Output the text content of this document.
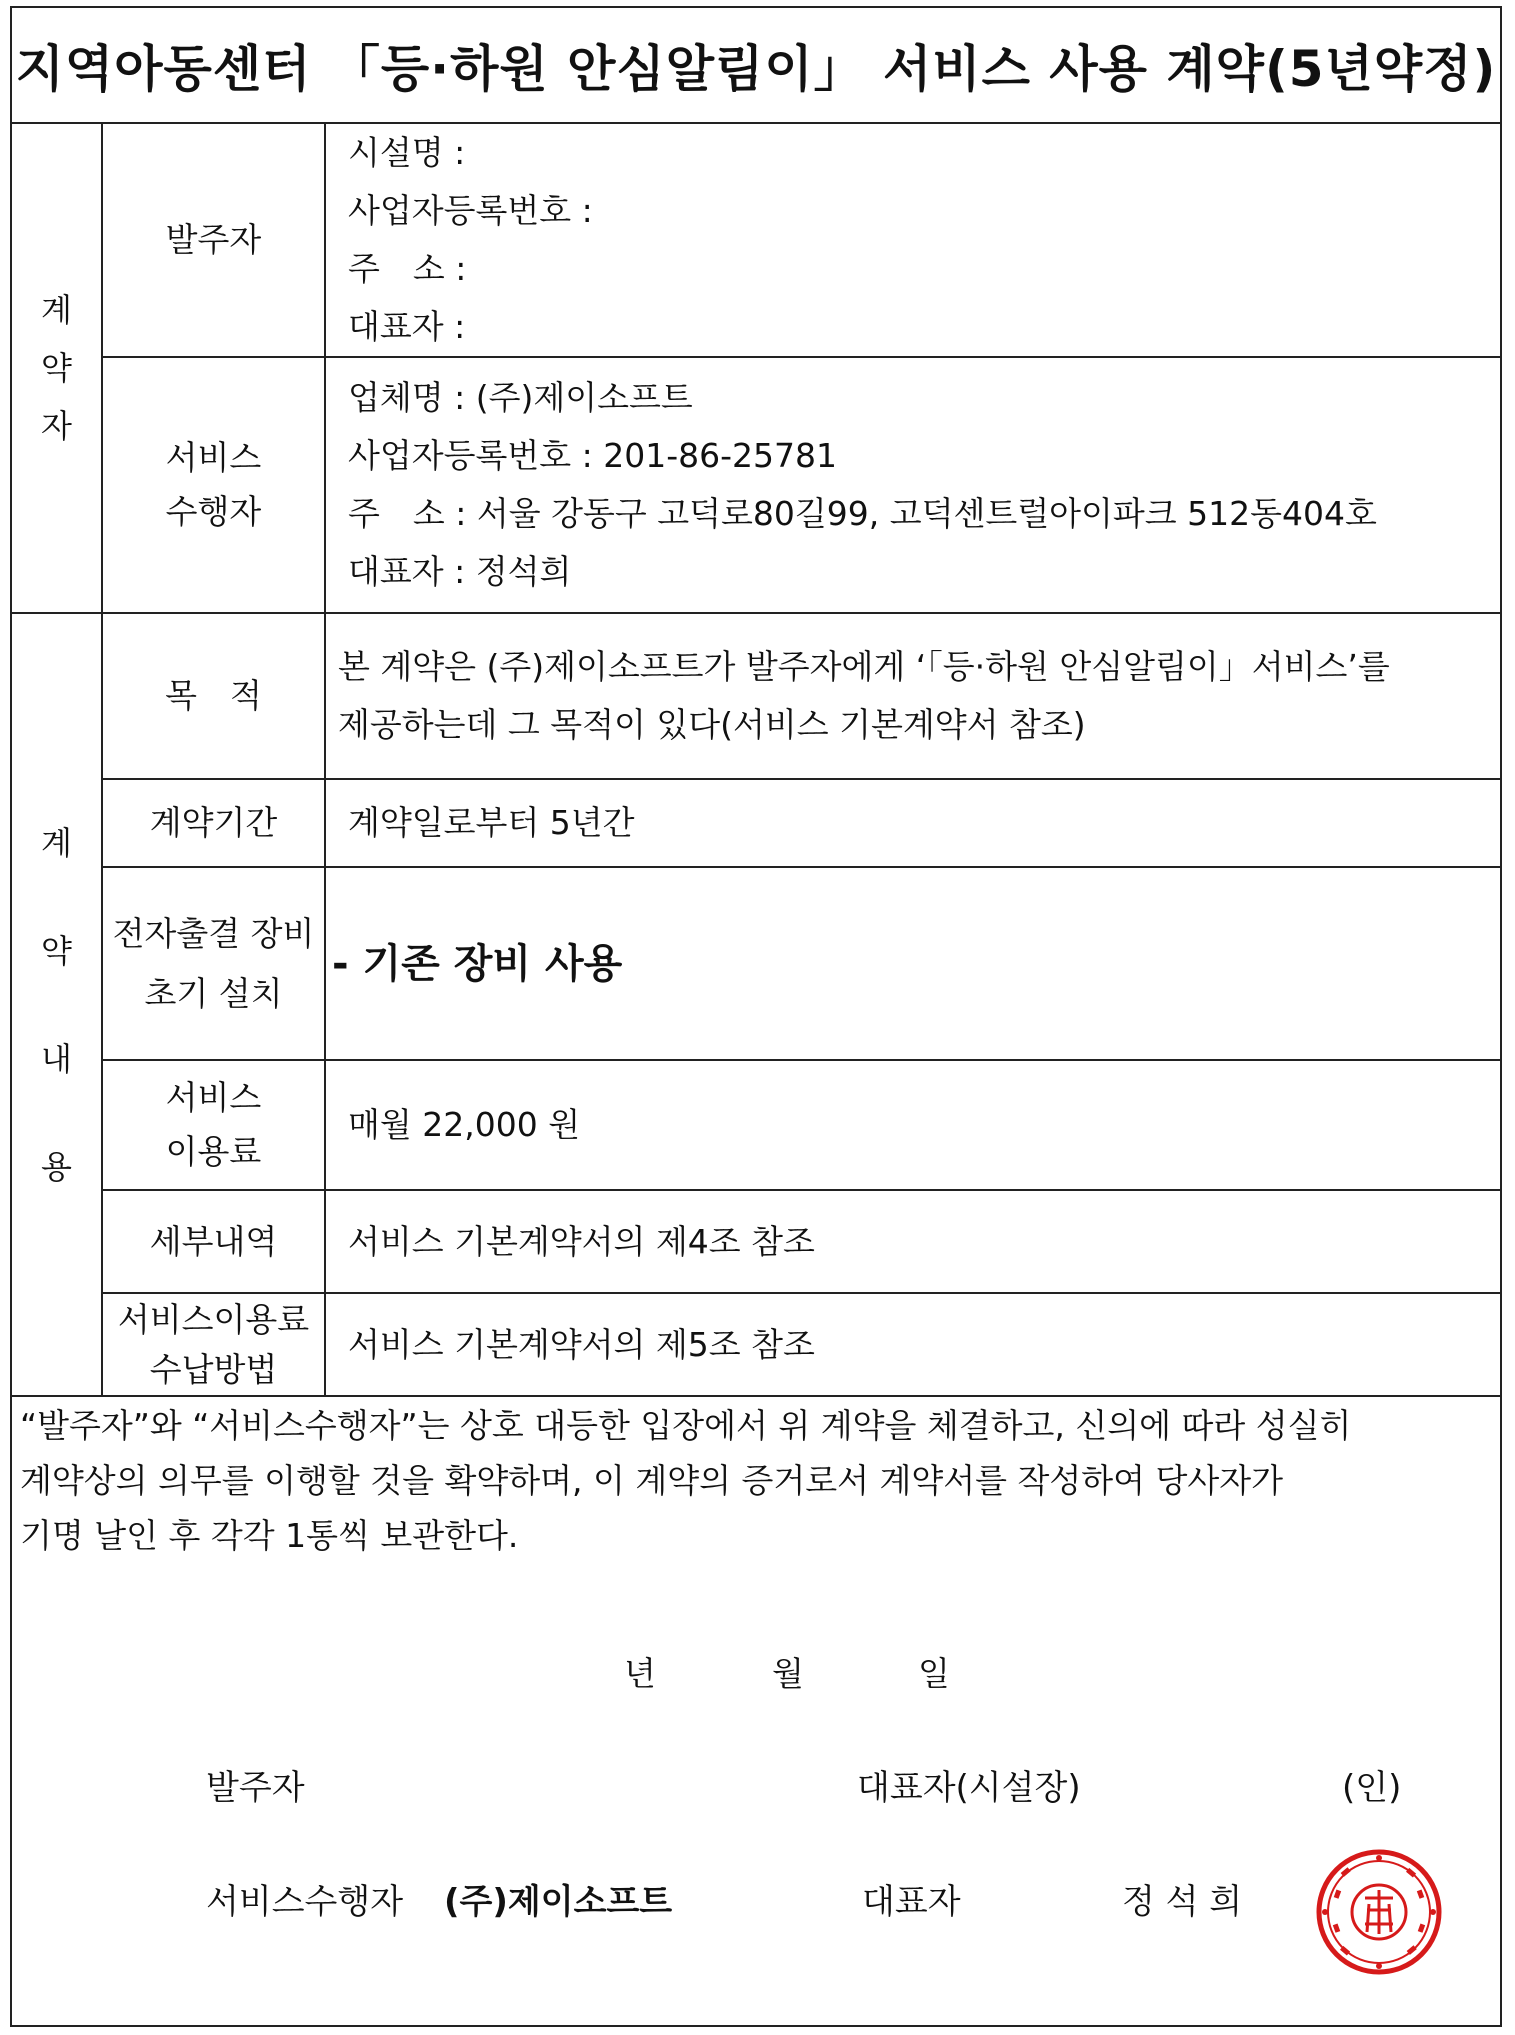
지역아동센터 「등·하원 안심알림이」 서비스 사용 계약(5년약정)
계
약
자	발주자	시설명 :
사업자등록번호 :
주　소 :
대표자 :

	서비스
수행자	업체명 : (주)제이소프트
사업자등록번호 : 201-86-25781
주　소 : 서울 강동구 고덕로80길99, 고덕센트럴아이파크 512동404호
대표자 : 정석희

계
약
내
용	목　적	본 계약은 (주)제이소프트가 발주자에게 ‘「등·하원 안심알림이」서비스’를
제공하는데 그 목적이 있다(서비스 기본계약서 참조)

	계약기간	계약일로부터 5년간

	전자출결 장비
초기 설치	- 기존 장비 사용

	서비스
이용료	매월 22,000 원
	세부내역	서비스 기본계약서의 제4조 참조

	서비스이용료
수납방법	서비스 기본계약서의 제5조 참조
“발주자”와 “서비스수행자”는 상호 대등한 입장에서 위 계약을 체결하고, 신의에 따라 성실히
계약상의 의무를 이행할 것을 확약하며, 이 계약의 증거로서 계약서를 작성하여 당사자가
기명 날인 후 각각 1통씩 보관한다.
년	월	일
발주자	대표자(시설장)	(인)
서비스수행자 (주)제이소프트	대표자	정 석 희
